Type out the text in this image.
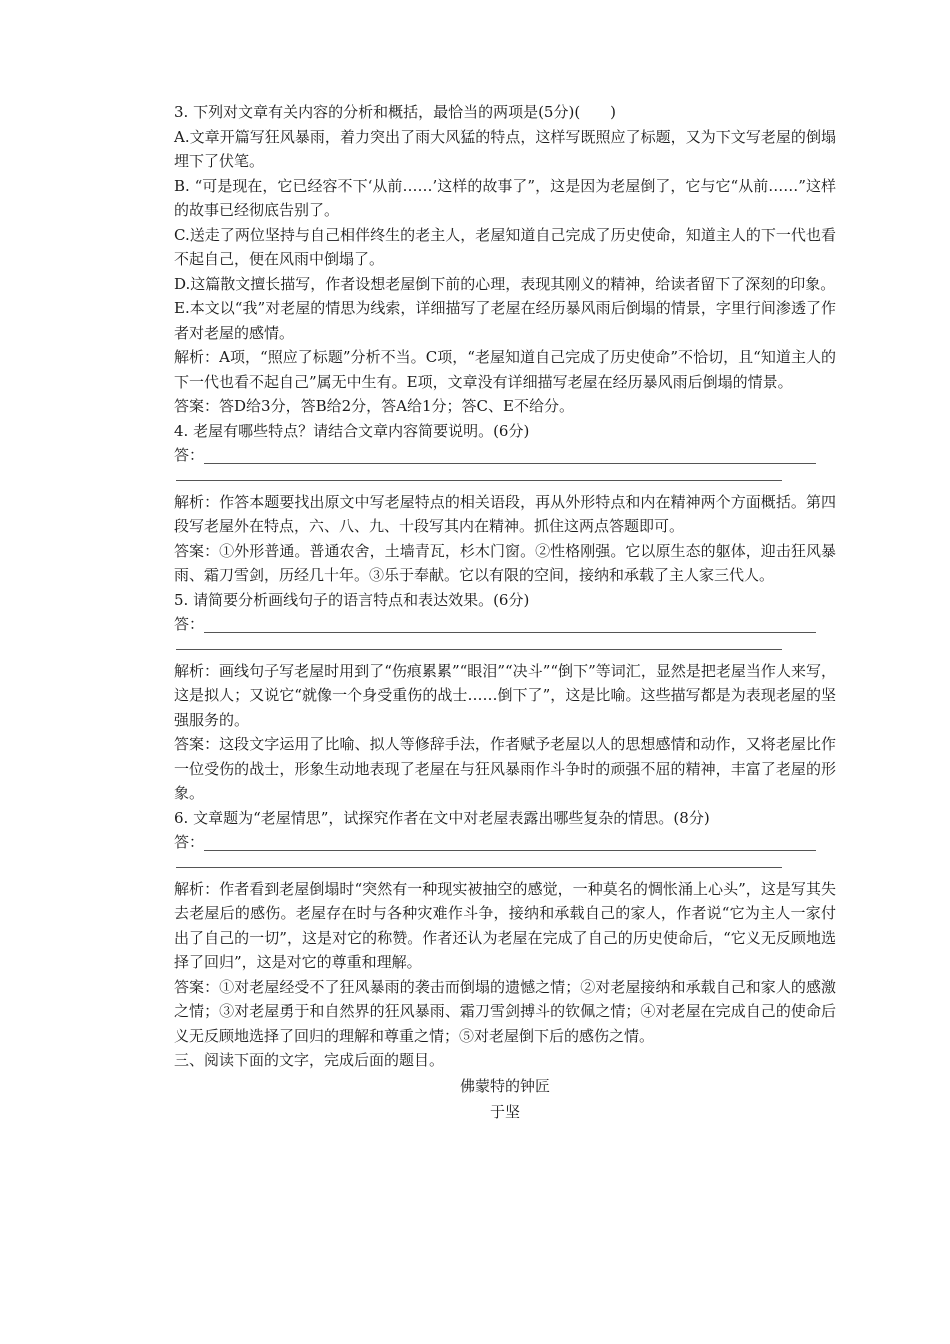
3. 下列对文章有关内容的分析和概括，最恰当的两项是(5分)(　　)

A.文章开篇写狂风暴雨，着力突出了雨大风猛的特点，这样写既照应了标题，又为下文写老屋的倒塌埋下了伏笔。

B. “可是现在，它已经容不下‘从前……’这样的故事了”，这是因为老屋倒了，它与它“从前……”这样的故事已经彻底告别了。

C.送走了两位坚持与自己相伴终生的老主人，老屋知道自己完成了历史使命，知道主人的下一代也看不起自己，便在风雨中倒塌了。

D.这篇散文擅长描写，作者设想老屋倒下前的心理，表现其刚义的精神，给读者留下了深刻的印象。

E.本文以“我”对老屋的情思为线索，详细描写了老屋在经历暴风雨后倒塌的情景，字里行间渗透了作者对老屋的感情。

解析：A项，“照应了标题”分析不当。C项，“老屋知道自己完成了历史使命”不恰切，且“知道主人的下一代也看不起自己”属无中生有。E项，文章没有详细描写老屋在经历暴风雨后倒塌的情景。

答案：答D给3分，答B给2分，答A给1分；答C、E不给分。

4. 老屋有哪些特点？请结合文章内容简要说明。(6分)

答：

解析：作答本题要找出原文中写老屋特点的相关语段，再从外形特点和内在精神两个方面概括。第四段写老屋外在特点，六、八、九、十段写其内在精神。抓住这两点答题即可。

答案：①外形普通。普通农舍，土墙青瓦，杉木门窗。②性格刚强。它以原生态的躯体，迎击狂风暴雨、霜刀雪剑，历经几十年。③乐于奉献。它以有限的空间，接纳和承载了主人家三代人。

5. 请简要分析画线句子的语言特点和表达效果。(6分)

答：

解析：画线句子写老屋时用到了“伤痕累累”“眼泪”“决斗”“倒下”等词汇，显然是把老屋当作人来写，这是拟人；又说它“就像一个身受重伤的战士……倒下了”，这是比喻。这些描写都是为表现老屋的坚强服务的。

答案：这段文字运用了比喻、拟人等修辞手法，作者赋予老屋以人的思想感情和动作，又将老屋比作一位受伤的战士，形象生动地表现了老屋在与狂风暴雨作斗争时的顽强不屈的精神，丰富了老屋的形象。

6. 文章题为“老屋情思”，试探究作者在文中对老屋表露出哪些复杂的情思。(8分)

答：

解析：作者看到老屋倒塌时“突然有一种现实被抽空的感觉，一种莫名的惆怅涌上心头”，这是写其失去老屋后的感伤。老屋存在时与各种灾难作斗争，接纳和承载自己的家人，作者说“它为主人一家付出了自己的一切”，这是对它的称赞。作者还认为老屋在完成了自己的历史使命后，“它义无反顾地选择了回归”，这是对它的尊重和理解。

答案：①对老屋经受不了狂风暴雨的袭击而倒塌的遗憾之情；②对老屋接纳和承载自己和家人的感激之情；③对老屋勇于和自然界的狂风暴雨、霜刀雪剑搏斗的钦佩之情；④对老屋在完成自己的使命后义无反顾地选择了回归的理解和尊重之情；⑤对老屋倒下后的感伤之情。

三、阅读下面的文字，完成后面的题目。

佛蒙特的钟匠

于坚
